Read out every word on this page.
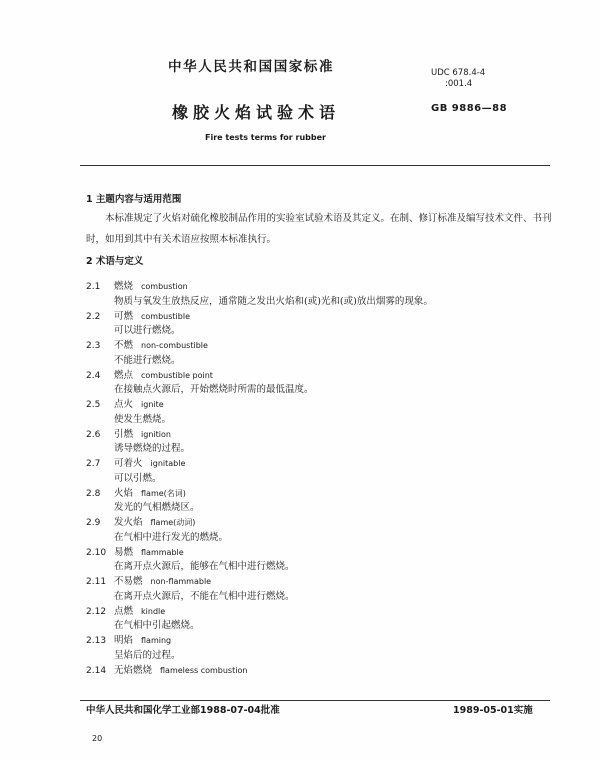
中华人民共和国国家标准	UDC 678.4-4
:001.4
橡胶火焰试验术语	GB 9886—88
Fire tests terms for rubber
1 主题内容与适用范围
本标准规定了火焰对硫化橡胶制品作用的实验室试验术语及其定义。在制、修订标准及编写技术文件、书刊时，如用到其中有关术语应按照本标准执行。
2 术语与定义
2.1 燃烧 combustion
物质与氧发生放热反应，通常随之发出火焰和(或)光和(或)放出烟雾的现象。
2.2 可燃 combustible
可以进行燃烧。
2.3 不燃 non-combustible
不能进行燃烧。
2.4 燃点 combustible point
在接触点火源后，开始燃烧时所需的最低温度。
2.5 点火 ignite
使发生燃烧。
2.6 引燃 ignition
诱导燃烧的过程。
2.7 可着火 ignitable
可以引燃。
2.8 火焰 flame(名词)
发光的气相燃烧区。
2.9 发火焰 flame(动词)
在气相中进行发光的燃烧。
2.10 易燃 flammable
在离开点火源后，能够在气相中进行燃烧。
2.11 不易燃 non-flammable
在离开点火源后，不能在气相中进行燃烧。
2.12 点燃 kindle
在气相中引起燃烧。
2.13 明焰 flaming
呈焰后的过程。
2.14 无焰燃烧 flameless combustion
中华人民共和国化学工业部1988-07-04批准	1989-05-01实施
20
